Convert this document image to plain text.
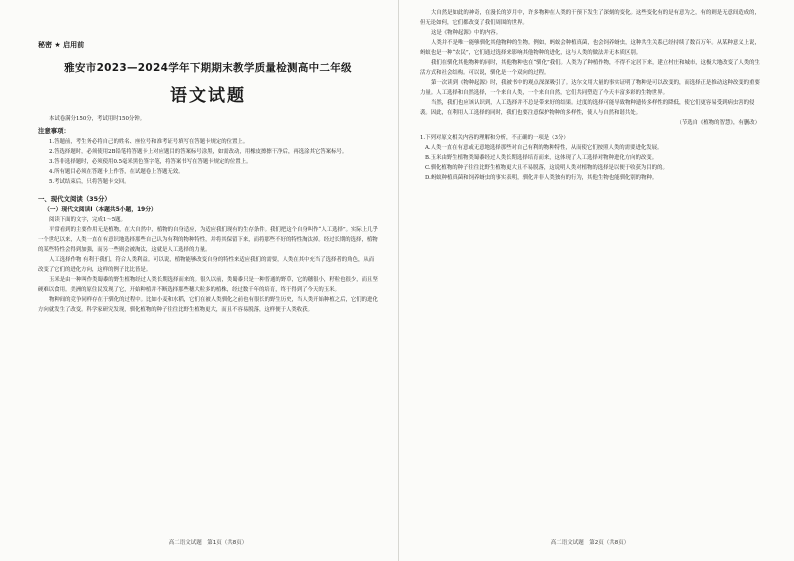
秘密 ★ 启用前

雅安市2023—2024学年下期期末教学质量检测高中二年级

语文试题

本试卷满分150分，考试用时150分钟。

注意事项：

1.答题前，考生务必将自己的姓名、座位号和准考证号填写在答题卡规定的位置上。

2.答选择题时，必须使用2B铅笔将答题卡上对应题目的答案标号涂黑，如需改动，用橡皮擦擦干净后，再选涂其它答案标号。

3.答非选择题时，必须使用0.5毫米黑色签字笔，将答案书写在答题卡规定的位置上。

4.所有题目必须在答题卡上作答，在试题卷上答题无效。

5.考试结束后，只将答题卡交回。

一、现代文阅读（35分）

（一）现代文阅读Ⅰ（本题共5小题，19分）

阅读下面的文字，完成1～5题。

平常看到的主要作用无是植物，在大自然中，植物的自身适应，为适应我们现有的生存条件。我们把这个自身叫作“人工选择”。实际上几乎一个世纪以来，人类一直在有意识地选择那些自己认为有利的物种特性，并将其保留下来，而将那些不好的特性淘汰掉。经过长期的选择，植物的某些特性会得到加强，而另一些则会被淘汰，这就是人工选择的力量。

人工选择作物 有利于我们，符合人类利益。可以说，植物能够改变自身的特性来适应我们的需要，人类在其中充当了选择者的角色，从而改变了它们的进化方向，这样的例子比比皆是。

玉米是由一种叫作类蜀黍的野生植物经过人类长期选择而来的。很久以前，类蜀黍只是一种普通的野草，它的穗很小，籽粒也很少，而且坚硬难以食用。美洲的原住民发现了它，开始种植并不断选择那些穗大粒多的植株，经过数千年的培育，终于得到了今天的玉米。

物种间的竞争同样存在于驯化的过程中。比如小麦和水稻，它们在被人类驯化之前也有很长的野生历史，当人类开始种植之后，它们的进化方向就发生了改变。科学家研究发现，驯化植物的种子往往比野生植物更大，而且不容易脱落，这样便于人类收获。

高二语文试题　第1页（共8页）

大自然是如此的神奇，在漫长的岁月中，许多物种在人类的干预下发生了深刻的变化。这些变化有的是有意为之，有的则是无意间造成的，但无论如何，它们都改变了我们周围的世界。

这是《物种起源》中的内容。

人类并不是唯一能够驯化其他物种的生物。例如，蚂蚁会种植真菌，也会饲养蚜虫，这种共生关系已经持续了数百万年。从某种意义上说，蚂蚁也是一种“农民”，它们通过选择来影响其他物种的进化，这与人类的做法并无本质区别。

我们在驯化其他物种的同时，其他物种也在“驯化”我们。人类为了种植作物，不得不定居下来，建立村庄和城市，这极大地改变了人类的生活方式和社会结构。可以说，驯化是一个双向的过程。

第一次读到《物种起源》时，我被书中的观点深深吸引了。达尔文用大量的事实证明了物种是可以改变的，而选择正是推动这种改变的重要力量。人工选择和自然选择，一个来自人类，一个来自自然，它们共同塑造了今天丰富多彩的生物世界。

当然，我们也应该认识到，人工选择并不总是带来好的结果。过度的选择可能导致物种遗传多样性的降低，使它们更容易受到病虫害的侵袭。因此，在利用人工选择的同时，我们也要注意保护物种的多样性，使人与自然和谐共处。

（节选自《植物的智慧》，有删改）

1.下列对原文相关内容的理解和分析，不正确的一项是（3分）

A.人类一直在有意或无意地选择那些对自己有利的物种特性，从而使它们按照人类的需要进化发展。

B.玉米由野生植物类蜀黍经过人类长期选择培育而来，这体现了人工选择对物种进化方向的改变。

C.驯化植物的种子往往比野生植物更大且不易脱落，这说明人类对植物的选择是以便于收获为目的的。

D.蚂蚁种植真菌和饲养蚜虫的事实表明，驯化并非人类独有的行为，其他生物也能驯化别的物种。

高二语文试题　第2页（共8页）
